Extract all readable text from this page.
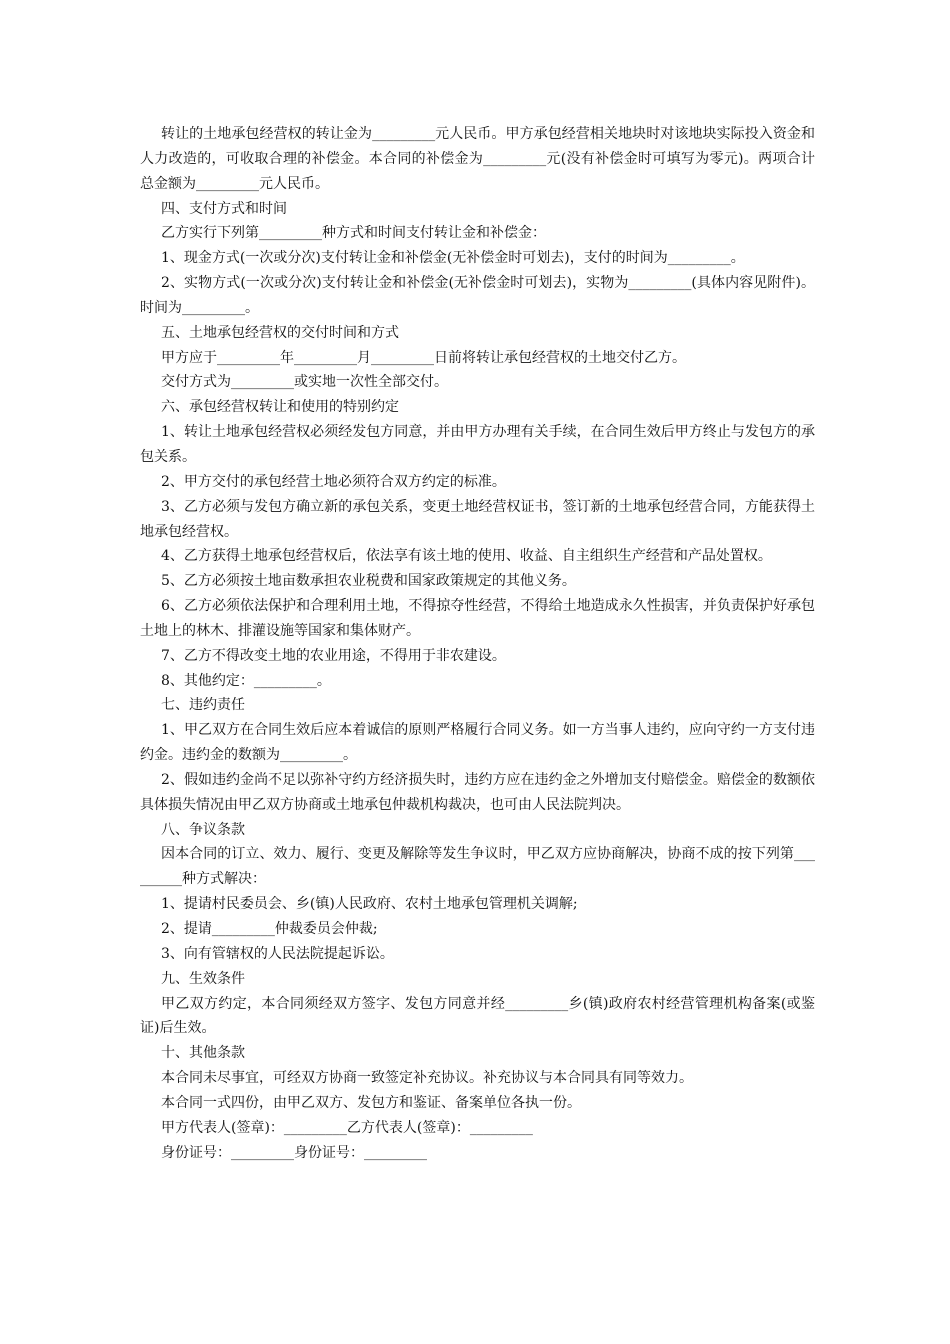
转让的土地承包经营权的转让金为_________元人民币。甲方承包经营相关地块时对该地块实际投入资金和人力改造的，可收取合理的补偿金。本合同的补偿金为_________元(没有补偿金时可填写为零元)。两项合计总金额为_________元人民币。

四、支付方式和时间

乙方实行下列第_________种方式和时间支付转让金和补偿金：

1、现金方式(一次或分次)支付转让金和补偿金(无补偿金时可划去)，支付的时间为_________。

2、实物方式(一次或分次)支付转让金和补偿金(无补偿金时可划去)，实物为_________(具体内容见附件)。时间为_________。

五、土地承包经营权的交付时间和方式

甲方应于_________年_________月_________日前将转让承包经营权的土地交付乙方。

交付方式为_________或实地一次性全部交付。

六、承包经营权转让和使用的特别约定

1、转让土地承包经营权必须经发包方同意，并由甲方办理有关手续，在合同生效后甲方终止与发包方的承包关系。

2、甲方交付的承包经营土地必须符合双方约定的标准。

3、乙方必须与发包方确立新的承包关系，变更土地经营权证书，签订新的土地承包经营合同，方能获得土地承包经营权。

4、乙方获得土地承包经营权后，依法享有该土地的使用、收益、自主组织生产经营和产品处置权。

5、乙方必须按土地亩数承担农业税费和国家政策规定的其他义务。

6、乙方必须依法保护和合理利用土地，不得掠夺性经营，不得给土地造成永久性损害，并负责保护好承包土地上的林木、排灌设施等国家和集体财产。

7、乙方不得改变土地的农业用途，不得用于非农建设。

8、其他约定：_________。

七、违约责任

1、甲乙双方在合同生效后应本着诚信的原则严格履行合同义务。如一方当事人违约，应向守约一方支付违约金。违约金的数额为_________。

2、假如违约金尚不足以弥补守约方经济损失时，违约方应在违约金之外增加支付赔偿金。赔偿金的数额依具体损失情况由甲乙双方协商或土地承包仲裁机构裁决，也可由人民法院判决。

八、争议条款

因本合同的订立、效力、履行、变更及解除等发生争议时，甲乙双方应协商解决，协商不成的按下列第_________种方式解决：

1、提请村民委员会、乡(镇)人民政府、农村土地承包管理机关调解;

2、提请_________仲裁委员会仲裁;

3、向有管辖权的人民法院提起诉讼。

九、生效条件

甲乙双方约定，本合同须经双方签字、发包方同意并经_________乡(镇)政府农村经营管理机构备案(或鉴证)后生效。

十、其他条款

本合同未尽事宜，可经双方协商一致签定补充协议。补充协议与本合同具有同等效力。

本合同一式四份，由甲乙双方、发包方和鉴证、备案单位各执一份。

甲方代表人(签章)：_________乙方代表人(签章)：_________

身份证号：_________身份证号：_________
